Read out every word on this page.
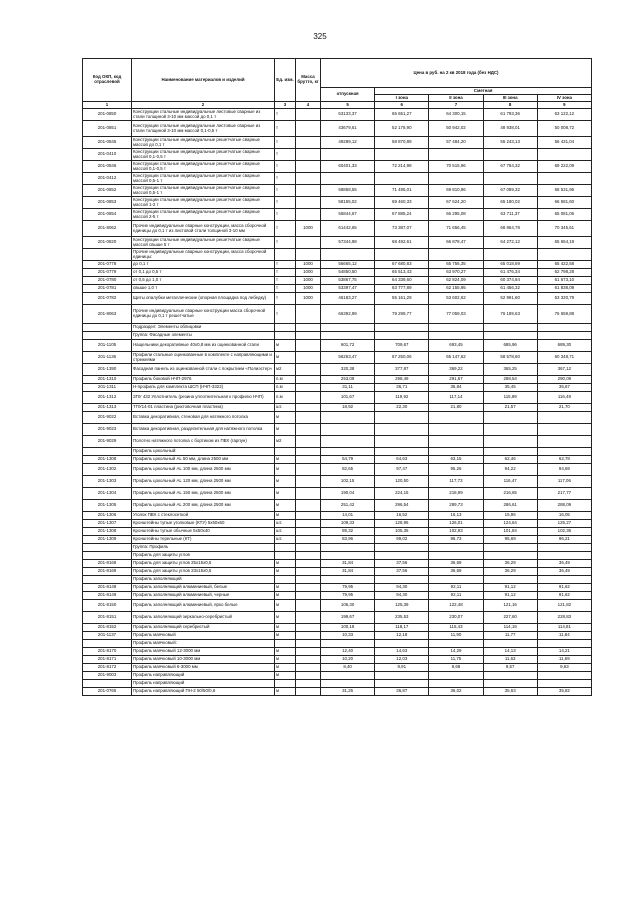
325
Код ОКП, код отраслевой	Наименование материалов и изделий	Ед. изм.	Масса брутто, кг	Цена в руб. на 2 кв 2018 года (без НДС)				
				отпускная	Сметная			
					I зона	II зона	III зона	IV зона
1	2	3	4	5	6	7	8	9
201-0850	Конструкции стальные индивидуальные листовые сварные из стали толщиной 3-10 мм массой до 0,1 т	т		53133,37	65 651,27	64 300,15	61 793,36	63 122,12
201-0851	Конструкции стальные индивидуальные листовые сварные из стали толщиной 3-10 мм массой 0,1-0,5 т	т		43679,61	52 178,90	50 942,02	48 938,01	50 008,72
201-0845	Конструкции стальные индивидуальные решетчатые сварные массой до 0,1 т	т		49289,12	58 870,89	57 484,20	55 243,13	56 431,04
201-0410	Конструкции стальные индивидуальные решетчатые сварные массой 0,1-0,5 т	т						
201-0846	Конструкции стальные индивидуальные решетчатые сварные массой 0,1-0,5 т	т		60401,33	72 214,98	70 515,96	67 764,32	69 222,09
201-0412	Конструкции стальные индивидуальные решетчатые сварные массой 0,5-1 т	т						
201-0852	Конструкции стальные индивидуальные решетчатые сварные массой 0,5-1 т	т		58858,55	71 495,01	69 810,96	67 089,32	68 531,96
201-0853	Конструкции стальные индивидуальные решетчатые сварные массой 1-2 т	т		58155,02	69 460,33	67 624,20	65 180,02	66 581,60
201-0854	Конструкции стальные индивидуальные решетчатые сварные массой 2-5 т	т		56844,67	67 885,24	66 295,08	63 711,37	65 081,06
201-8062	Прочие индивидуальные сварные конструкции, масса сборочной единицы до 0,1 т из листовой стали толщиной 3-10 мм	т	1000	61442,65	73 387,07	71 656,45	68 864,78	70 345,61
201-0820	Конструкции стальные индивидуальные решетчатые сварные массой свыше 5 т	т		57344,98	68 492,61	66 878,47	64 272,12	65 654,19
	Прочие индивидуальные сварные конструкции, масса сборочной единицы:							
201-0778	до 0,1 т	т	1000	56665,12	67 680,83	65 756,35	65 018,69	65 422,58
201-0779	от 0,1 до 0,5 т	т	1000	54850,50	65 513,43	63 970,27	61 476,34	62 798,28
201-0780	от 0,5 до 1,0 т	т	1000	53867,75	64 339,60	62 824,09	60 374,84	61 673,10
201-0781	свыше 1,0 т	т	1000	53397,47	63 777,89	62 155,95	61 456,32	61 838,09
201-0782	Щиты опалубки металлические (опорная площадка под лебедку)	т	1000	46183,27	55 161,29	53 602,62	52 991,60	53 320,79
201-8063	Прочие индивидуальные сварные конструкции масса сборочной единицы до 0,1 т решетчатые	т		66392,99	79 299,77	77 059,03	76 189,63	76 659,88
	Подраздел: Элементы облицовки							
	Группа: Фасадные элементы							
201-1105	Нащельники декоративные 40х0,8 мм из оцинкованной стали	м		601,72	709,67	693,45	685,96	689,30
201-1136	Профили стальные оцинкованные в комплекте с направляющими и стрежнями	м		56263,47	67 250,06	65 147,62	58 578,60	60 348,71
201-1390	Фасадная панель из оцинкованной стали с покрытием «Полиэстер»	м2		320,38	377,87	369,22	365,25	367,12
201-1310	Профиль боковой НЧП-2976	п.м		253,09	298,49	291,67	288,54	290,09
201-1311	Н-профиль для комплекта ШСП (НЧП-3322)	п.м		31,11	36,71	35,84	35,45	35,67
201-1312	ЗПУ 432 Уплотнитель (резина уплотнительная к профилю НЧП)	п.м		101,67	119,92	117,14	115,89	116,49
201-1313	ТПУ14-01 пластина (рихтовочная пластина)	шт.		18,92	22,30	21,80	21,57	21,70
201-9022	Вставка декоративная, стеновая для натяжного потолка	м						
201-9023	Вставка декоративная, разделительная для натяжного потолка	м						
201-9029	Полотно натяжного потолка с бортиком из ПВХ (гарпун)	м2						
	Профиль цокольный:							
201-1308	Профиль цокольный AL 50 мм, длина 2500 мм	м		54,79	64,63	63,15	62,46	62,78
201-1302	Профиль цокольный AL 100 мм, длина 2500 мм	м		82,65	97,47	95,26	94,22	94,69
201-1303	Профиль цокольный AL 120 мм, длина 2500 мм	м		102,15	120,50	117,73	116,47	117,06
201-1304	Профиль цокольный AL 150 мм, длина 2500 мм	м		190,04	224,15	218,99	216,65	217,77
201-1305	Профиль цокольный AL 200 мм, длина 2500 мм	м		251,42	296,54	289,73	286,61	288,09
201-1306	Уголок ПВХ с стеклосеткой	м		14,01	16,52	16,13	15,96	16,05
201-1307	Кронштейны тупые уголковые (КТУ) 5х50х60	шт.		109,33	128,96	126,01	124,64	125,27
201-1308	Кронштейны тупые обычные 5х50х40	шт.		89,32	105,35	102,93	101,84	102,36
201-1309	Кронштейны терельные (КТ)	шт.		83,96	99,02	96,73	95,69	96,21
	Группа: Профиль							
	Профиль для защиты углов							
201-8168	Профиль для защиты углов 25х15х0,5	м		31,84	37,56	36,69	36,29	36,49
201-8169	Профиль для защиты углов 23х15х0,5	м		31,84	37,56	36,69	36,29	36,49
	Профиль заполняющий							
201-8148	Профиль заполняющий алюминиевый, белые	м		79,95	94,30	92,11	91,12	91,62
201-8149	Профиль заполняющий алюминиевый, черные	м		79,95	94,30	92,11	91,12	91,62
201-8150	Профиль заполняющий алюминиевый, ярко белые	м		106,30	125,39	122,48	121,16	121,82
201-8151	Профиль заполняющий зеркально-серебристый	м		199,67	235,53	230,07	227,60	228,83
201-8152	Профиль заполняющий серебристый	м		100,18	118,17	115,43	114,19	114,81
201-1137	Профиль маячковый	м		10,33	12,18	11,90	11,77	11,84
	Профиль маячковый:							
201-8170	Профиль маячковый 12-3000 мм	м		12,40	14,63	14,29	14,13	14,21
201-8171	Профиль маячковый 10-3000 мм	м		10,20	12,03	11,75	11,63	11,69
201-8172	Профиль маячковый 6-3000 мм	м		8,40	9,91	9,68	9,57	9,63
201-9003	Профиль направляющий	м						
	Профиль направляющий							
201-0765	Профиль направляющий ПН-2 50/50/0,6	м		31,26	36,87	36,02	35,63	35,82
